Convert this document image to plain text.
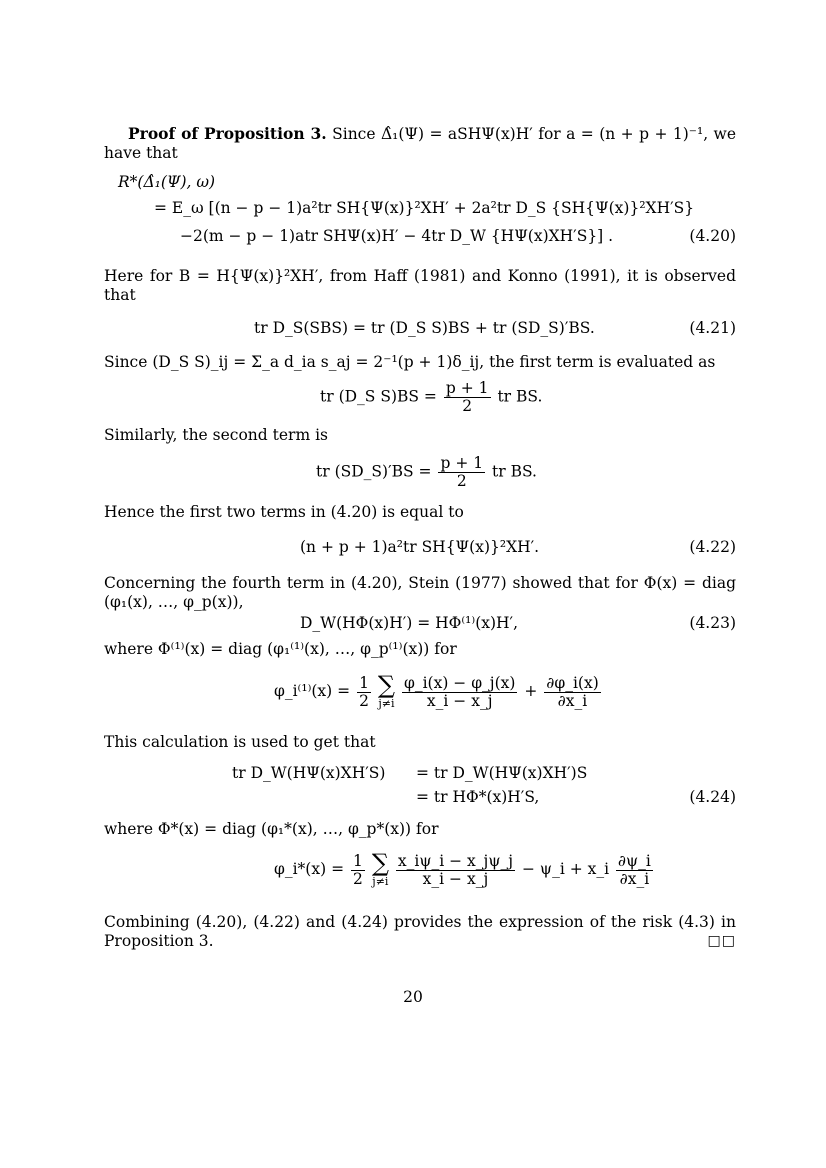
Proof of Proposition 3. Since Δ̂₁(Ψ) = aSHΨ(x)H′ for a = (n + p + 1)⁻¹, we have that

R*(Δ̂₁(Ψ), ω)
= E_ω [(n − p − 1)a²tr SH{Ψ(x)}²XH′ + 2a²tr D_S {SH{Ψ(x)}²XH′S}
−2(m − p − 1)atr SHΨ(x)H′ − 4tr D_W {HΨ(x)XH′S}] .	(4.20)

Here for B = H{Ψ(x)}²XH′, from Haff (1981) and Konno (1991), it is observed that

tr D_S(SBS) = tr (D_S S)BS + tr (SD_S)′BS.	(4.21)

Since (D_S S)_ij = Σ_a d_ia s_aj = 2⁻¹(p + 1)δ_ij, the first term is evaluated as

tr (D_S $S)BS = \frac{p + 1}{2}$ tr BS.

Similarly, the second term is

tr (SD_S)′BS = $\frac{p + 1}{2}$ tr BS.

Hence the first two terms in (4.20) is equal to

(n + p + 1)a²tr SH{Ψ(x)}²XH′.	(4.22)

Concerning the fourth term in (4.20), Stein (1977) showed that for Φ(x) = diag (φ₁(x), …, φ_p(x)),

D_W(HΦ(x)H′) = HΦ⁽¹⁾(x)H′,	(4.23)

where Φ⁽¹⁾(x) = diag (φ₁⁽¹⁾(x), …, φ_p⁽¹⁾(x)) for

φ_i⁽¹⁾(x) = $\frac{1}{2}$
∑
j≠i
$\frac{\varphi\_i(x) - \varphi\_j(x)}{x\_i - x\_j} + \frac{\partial\varphi\_i(x)}{\partial x\_i}$

This calculation is used to get that

tr D_W(HΨ(x)XH′S) = tr D_W(HΨ(x)XH′)S
= tr HΦ*(x)H′S,	(4.24)

where Φ*(x) = diag (φ₁*(x), …, φ_p*(x)) for

φ_i*(x) = $\frac{1}{2}$
∑
j≠i
$\frac{x\_i\psi\_i - x\_j\psi\_j}{x\_i - x\_j}$ − ψ_i + x_i $\frac{\partial\psi\_i}{\partial x\_i}$

Combining (4.20), (4.22) and (4.24) provides the expression of the risk (4.3) in Proposition 3.	□□
20
